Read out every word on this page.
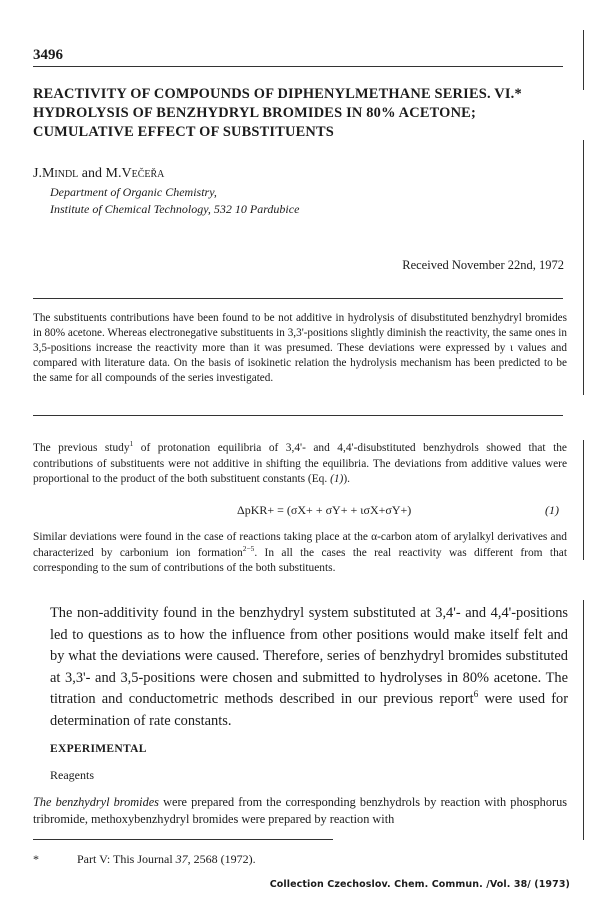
3496
REACTIVITY OF COMPOUNDS OF DIPHENYLMETHANE SERIES. VI.*
HYDROLYSIS OF BENZHYDRYL BROMIDES IN 80% ACETONE;
CUMULATIVE EFFECT OF SUBSTITUENTS
J.Mindl and M.Večeřa
Department of Organic Chemistry,
Institute of Chemical Technology, 532 10 Pardubice
Received November 22nd, 1972
The substituents contributions have been found to be not additive in hydrolysis of disubstituted benzhydryl bromides in 80% acetone. Whereas electronegative substituents in 3,3'-positions slightly diminish the reactivity, the same ones in 3,5-positions increase the reactivity more than it was presumed. These deviations were expressed by ι values and compared with literature data. On the basis of isokinetic relation the hydrolysis mechanism has been predicted to be the same for all compounds of the series investigated.
The previous study$^1$ of protonation equilibria of 3,4'- and 4,4'-disubstituted benzhydrols showed that the contributions of substituents were not additive in shifting the equilibria. The deviations from additive values were proportional to the product of the both substituent constants (Eq. (1)).
ΔpKR+ = (σX+ + σY+ + ισX+σY+)	(1)
Similar deviations were found in the case of reactions taking place at the α-carbon atom of arylalkyl derivatives and characterized by carbonium ion formation$^{2-5}$. In all the cases the real reactivity was different from that corresponding to the sum of contributions of the both substituents.
The non-additivity found in the benzhydryl system substituted at 3,4'- and 4,4'-positions led to questions as to how the influence from other positions would make itself felt and by what the deviations were caused. Therefore, series of benzhydryl bromides substituted at 3,3'- and 3,5-positions were chosen and submitted to hydrolyses in 80% acetone. The titration and conductometric methods described in our previous report$^6$ were used for determination of rate constants.
EXPERIMENTAL
Reagents
The benzhydryl bromides were prepared from the corresponding benzhydrols by reaction with phosphorus tribromide, methoxybenzhydryl bromides were prepared by reaction with
*	Part V: This Journal 37, 2568 (1972).
Collection Czechoslov. Chem. Commun. /Vol. 38/ (1973)
